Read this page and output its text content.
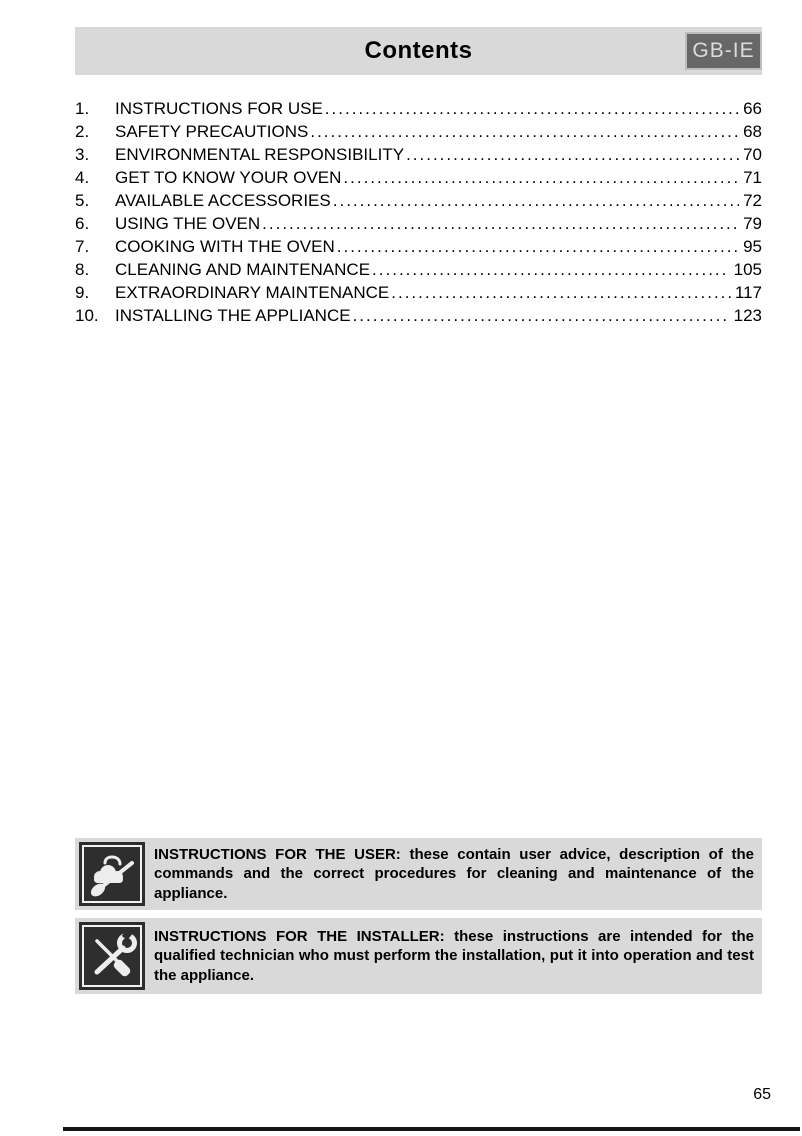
Contents	GB-IE
1.	INSTRUCTIONS FOR USE .....	66
2.	SAFETY PRECAUTIONS .....	68
3.	ENVIRONMENTAL RESPONSIBILITY .....	70
4.	GET TO KNOW YOUR OVEN .....	71
5.	AVAILABLE ACCESSORIES .....	72
6.	USING THE OVEN .....	79
7.	COOKING WITH THE OVEN .....	95
8.	CLEANING AND MAINTENANCE .....	105
9.	EXTRAORDINARY MAINTENANCE .....	117
10. INSTALLING THE APPLIANCE .....	123

INSTRUCTIONS FOR THE USER: these contain user advice, description of the commands and the correct procedures for cleaning and maintenance of the appliance.

INSTRUCTIONS FOR THE INSTALLER: these instructions are intended for the qualified technician who must perform the installation, put it into operation and test the appliance.

65
